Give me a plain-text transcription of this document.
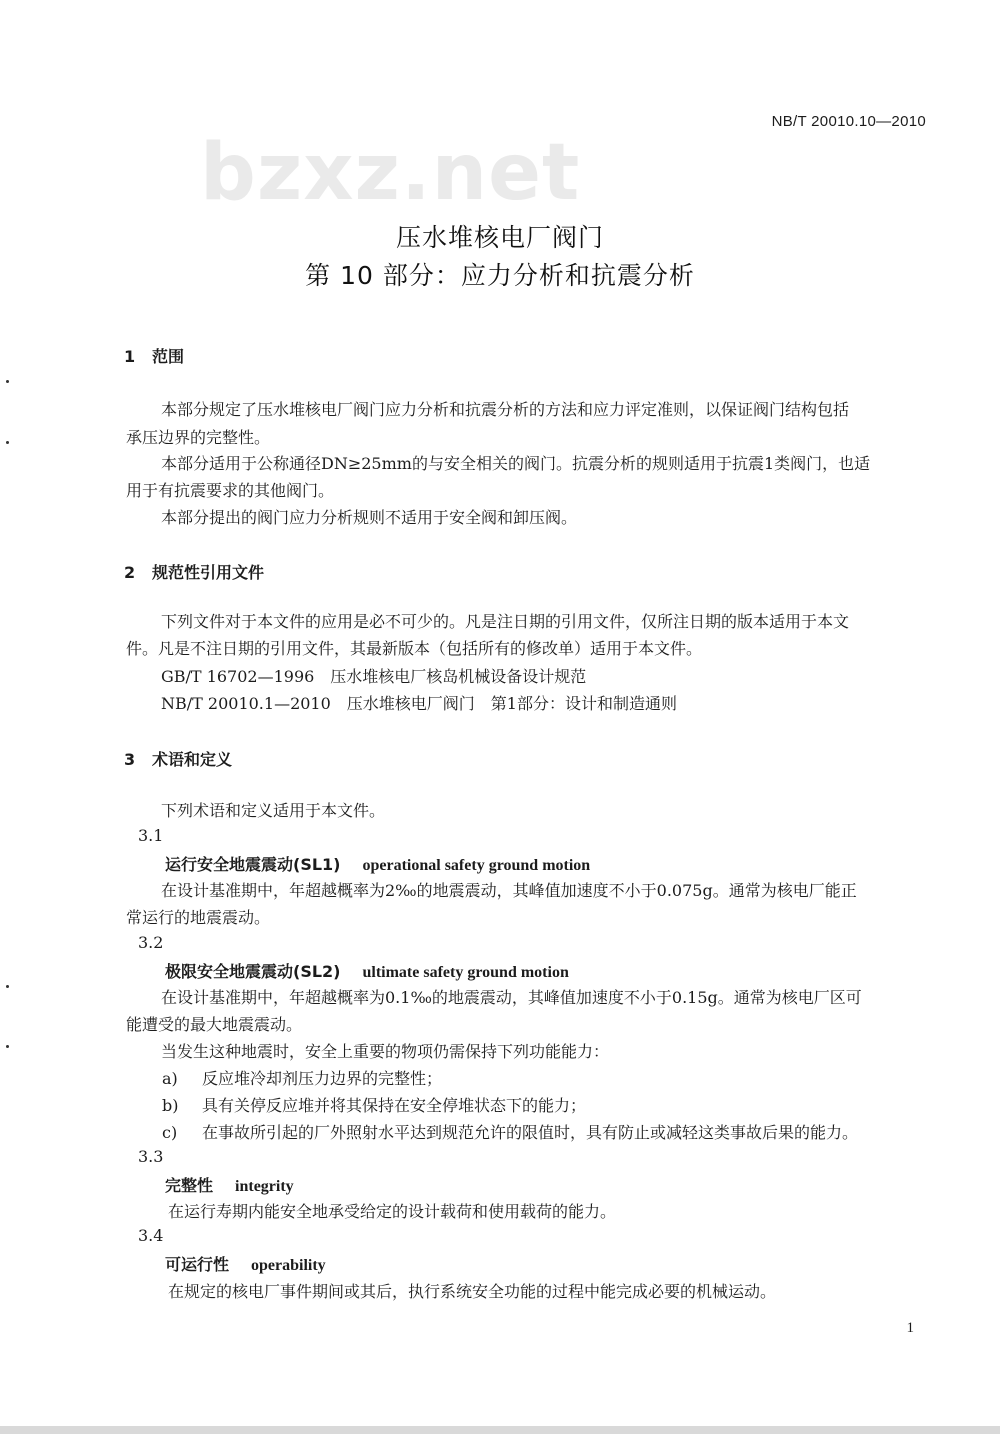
NB/T 20010.10—2010
bzxz.net
压水堆核电厂阀门
第 10 部分：应力分析和抗震分析
1 范围
本部分规定了压水堆核电厂阀门应力分析和抗震分析的方法和应力评定准则，以保证阀门结构包括
承压边界的完整性。
本部分适用于公称通径DN≥25mm的与安全相关的阀门。抗震分析的规则适用于抗震1类阀门，也适
用于有抗震要求的其他阀门。
本部分提出的阀门应力分析规则不适用于安全阀和卸压阀。
2 规范性引用文件
下列文件对于本文件的应用是必不可少的。凡是注日期的引用文件，仅所注日期的版本适用于本文
件。凡是不注日期的引用文件，其最新版本（包括所有的修改单）适用于本文件。
GB/T 16702—1996　压水堆核电厂核岛机械设备设计规范
NB/T 20010.1—2010　压水堆核电厂阀门　第1部分：设计和制造通则
3 术语和定义
下列术语和定义适用于本文件。
3.1
运行安全地震震动(SL1) operational safety ground motion
在设计基准期中，年超越概率为2‰的地震震动，其峰值加速度不小于0.075g。通常为核电厂能正
常运行的地震震动。
3.2
极限安全地震震动(SL2) ultimate safety ground motion
在设计基准期中，年超越概率为0.1‰的地震震动，其峰值加速度不小于0.15g。通常为核电厂区可
能遭受的最大地震震动。
当发生这种地震时，安全上重要的物项仍需保持下列功能能力：
a) 反应堆冷却剂压力边界的完整性；
b) 具有关停反应堆并将其保持在安全停堆状态下的能力；
c) 在事故所引起的厂外照射水平达到规范允许的限值时，具有防止或减轻这类事故后果的能力。
3.3
完整性 integrity
在运行寿期内能安全地承受给定的设计载荷和使用载荷的能力。
3.4
可运行性 operability
在规定的核电厂事件期间或其后，执行系统安全功能的过程中能完成必要的机械运动。
1
